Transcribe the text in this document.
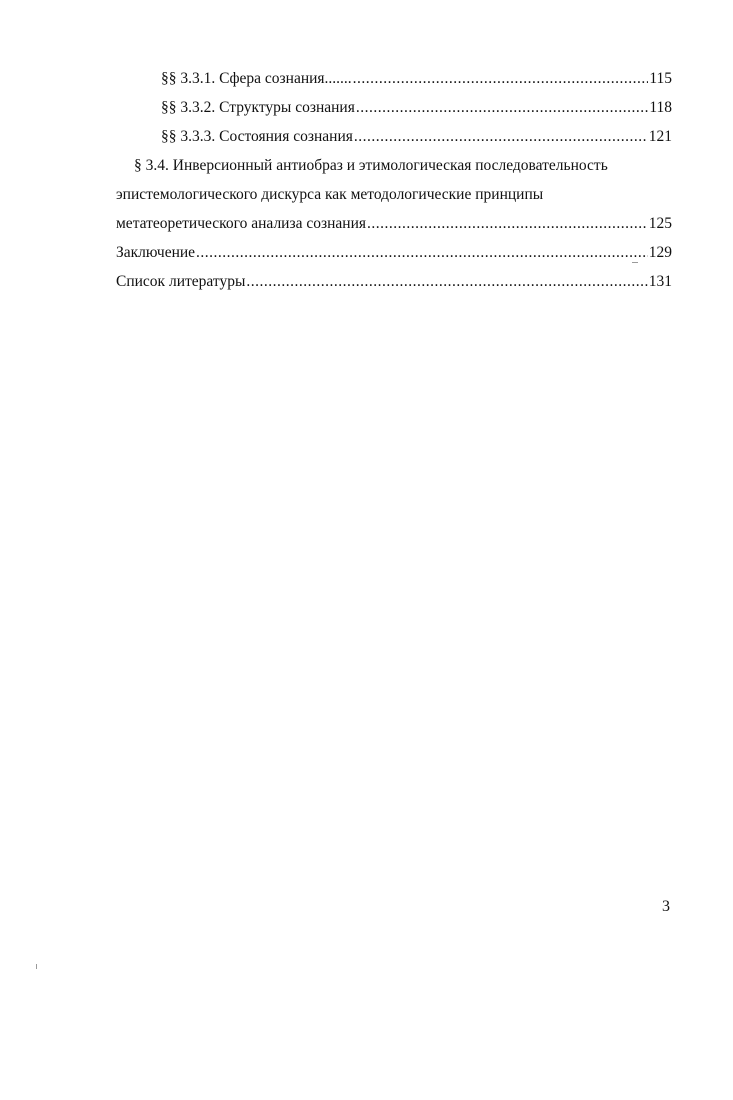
§§ 3.3.1. Сфера сознания....... .....	115
§§ 3.3.2. Структуры сознания .....	118
§§ 3.3.3. Состояния сознания .....	121
§ 3.4. Инверсионный антиобраз и этимологическая последовательность
эпистемологического дискурса как методологические принципы
метатеоретического анализа сознания .....	125
Заключение .....	129
Список литературы .....	131
3
